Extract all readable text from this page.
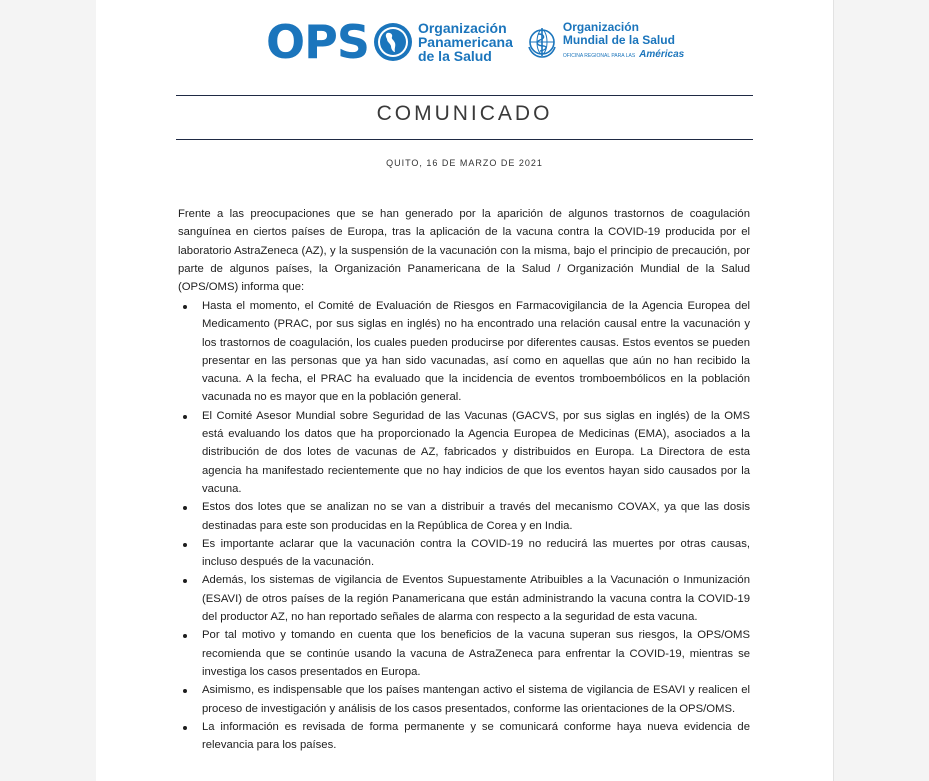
OPS	Organización
Panamericana
de la Salud
Organización
Mundial de la Salud
OFICINA REGIONAL PARA LAS Américas
COMUNICADO
QUITO, 16 DE MARZO DE 2021

Frente a las preocupaciones que se han generado por la aparición de algunos trastornos de coagulación sanguínea en ciertos países de Europa, tras la aplicación de la vacuna contra la COVID-19 producida por el laboratorio AstraZeneca (AZ), y la suspensión de la vacunación con la misma, bajo el principio de precaución, por parte de algunos países, la Organización Panamericana de la Salud / Organización Mundial de la Salud (OPS/OMS) informa que:

Hasta el momento, el Comité de Evaluación de Riesgos en Farmacovigilancia de la Agencia Europea del Medicamento (PRAC, por sus siglas en inglés) no ha encontrado una relación causal entre la vacunación y los trastornos de coagulación, los cuales pueden producirse por diferentes causas. Estos eventos se pueden presentar en las personas que ya han sido vacunadas, así como en aquellas que aún no han recibido la vacuna. A la fecha, el PRAC ha evaluado que la incidencia de eventos tromboembólicos en la población vacunada no es mayor que en la población general.
El Comité Asesor Mundial sobre Seguridad de las Vacunas (GACVS, por sus siglas en inglés) de la OMS está evaluando los datos que ha proporcionado la Agencia Europea de Medicinas (EMA), asociados a la distribución de dos lotes de vacunas de AZ, fabricados y distribuidos en Europa. La Directora de esta agencia ha manifestado recientemente que no hay indicios de que los eventos hayan sido causados por la vacuna.
Estos dos lotes que se analizan no se van a distribuir a través del mecanismo COVAX, ya que las dosis destinadas para este son producidas en la República de Corea y en India.
Es importante aclarar que la vacunación contra la COVID-19 no reducirá las muertes por otras causas, incluso después de la vacunación.
Además, los sistemas de vigilancia de Eventos Supuestamente Atribuibles a la Vacunación o Inmunización (ESAVI) de otros países de la región Panamericana que están administrando la vacuna contra la COVID-19 del productor AZ, no han reportado señales de alarma con respecto a la seguridad de esta vacuna.
Por tal motivo y tomando en cuenta que los beneficios de la vacuna superan sus riesgos, la OPS/OMS recomienda que se continúe usando la vacuna de AstraZeneca para enfrentar la COVID-19, mientras se investiga los casos presentados en Europa.
Asimismo, es indispensable que los países mantengan activo el sistema de vigilancia de ESAVI y realicen el proceso de investigación y análisis de los casos presentados, conforme las orientaciones de la OPS/OMS.
La información es revisada de forma permanente y se comunicará conforme haya nueva evidencia de relevancia para los países.
